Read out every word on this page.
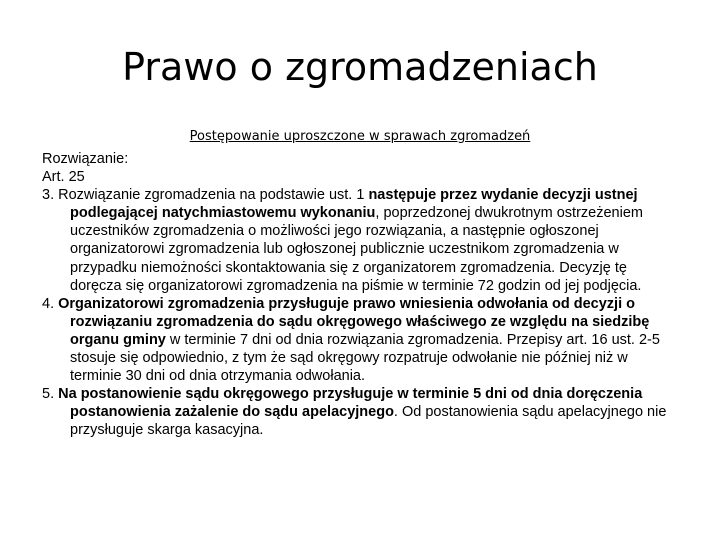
Prawo o zgromadzeniach
Postępowanie uproszczone w sprawach zgromadzeń
Rozwiązanie:
Art. 25
3. Rozwiązanie zgromadzenia na podstawie ust. 1 następuje przez wydanie decyzji ustnej podlegającej natychmiastowemu wykonaniu, poprzedzonej dwukrotnym ostrzeżeniem uczestników zgromadzenia o możliwości jego rozwiązania, a następnie ogłoszonej organizatorowi zgromadzenia lub ogłoszonej publicznie uczestnikom zgromadzenia w przypadku niemożności skontaktowania się z organizatorem zgromadzenia. Decyzję tę doręcza się organizatorowi zgromadzenia na piśmie w terminie 72 godzin od jej podjęcia.
4. Organizatorowi zgromadzenia przysługuje prawo wniesienia odwołania od decyzji o rozwiązaniu zgromadzenia do sądu okręgowego właściwego ze względu na siedzibę organu gminy w terminie 7 dni od dnia rozwiązania zgromadzenia. Przepisy art. 16 ust. 2-5 stosuje się odpowiednio, z tym że sąd okręgowy rozpatruje odwołanie nie później niż w terminie 30 dni od dnia otrzymania odwołania.
5. Na postanowienie sądu okręgowego przysługuje w terminie 5 dni od dnia doręczenia postanowienia zażalenie do sądu apelacyjnego. Od postanowienia sądu apelacyjnego nie przysługuje skarga kasacyjna.
